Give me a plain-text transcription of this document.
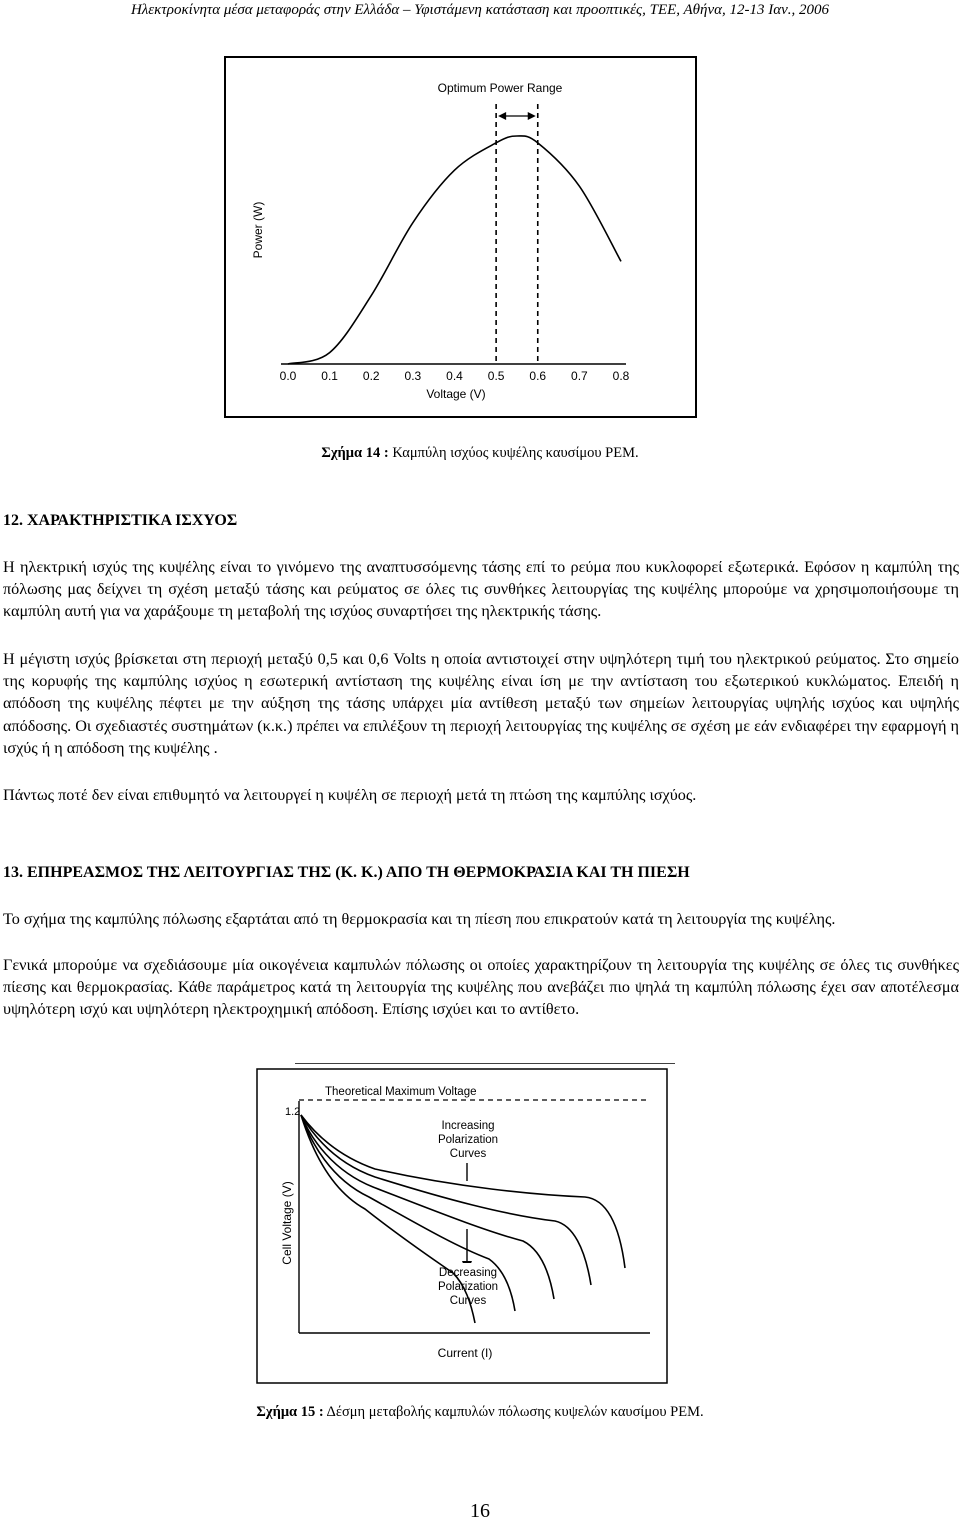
Ηλεκτροκίνητα μέσα μεταφοράς στην Ελλάδα – Υφιστάμενη κατάσταση και προοπτικές, ΤΕΕ, Αθήνα, 12-13 Ιαν., 2006
Optimum Power Range
0.0 0.1 0.2 0.3 0.4 0.5 0.6 0.7 0.8
Voltage (V)
Power (W)
Σχήμα 14 : Καμπύλη ισχύος κυψέλης καυσίμου PEM.
12. ΧΑΡΑΚΤΗΡΙΣΤΙΚΑ ΙΣΧΥΟΣ

Η ηλεκτρική ισχύς της κυψέλης είναι το γινόμενο της αναπτυσσόμενης τάσης επί το ρεύμα που κυκλοφορεί εξωτερικά. Εφόσον η καμπύλη της πόλωσης μας δείχνει τη σχέση μεταξύ τάσης και ρεύματος σε όλες τις συνθήκες λειτουργίας της κυψέλης μπορούμε να χρησιμοποιήσουμε τη καμπύλη αυτή για να χαράξουμε τη μεταβολή της ισχύος συναρτήσει της ηλεκτρικής τάσης.

Η μέγιστη ισχύς βρίσκεται στη περιοχή μεταξύ 0,5 και 0,6 Volts η οποία αντιστοιχεί στην υψηλότερη τιμή του ηλεκτρικού ρεύματος. Στο σημείο της κορυφής της καμπύλης ισχύος η εσωτερική αντίσταση της κυψέλης είναι ίση με την αντίσταση του εξωτερικού κυκλώματος. Επειδή η απόδοση της κυψέλης πέφτει με την αύξηση της τάσης υπάρχει μία αντίθεση μεταξύ των σημείων λειτουργίας υψηλής ισχύος και υψηλής απόδοσης. Οι σχεδιαστές συστημάτων (κ.κ.) πρέπει να επιλέξουν τη περιοχή λειτουργίας της κυψέλης σε σχέση με εάν ενδιαφέρει την εφαρμογή η ισχύς ή η απόδοση της κυψέλης .

Πάντως ποτέ δεν είναι επιθυμητό να λειτουργεί η κυψέλη σε περιοχή μετά τη πτώση της καμπύλης ισχύος.

13. ΕΠΗΡΕΑΣΜΟΣ ΤΗΣ ΛΕΙΤΟΥΡΓΙΑΣ ΤΗΣ (Κ. Κ.) ΑΠΟ ΤΗ ΘΕΡΜΟΚΡΑΣΙΑ ΚΑΙ ΤΗ ΠΙΕΣΗ

Το σχήμα της καμπύλης πόλωσης εξαρτάται από τη θερμοκρασία και τη πίεση που επικρατούν κατά τη λειτουργία της κυψέλης.

Γενικά μπορούμε να σχεδιάσουμε μία οικογένεια καμπυλών πόλωσης οι οποίες χαρακτηρίζουν τη λειτουργία της κυψέλης σε όλες τις συνθήκες πίεσης και θερμοκρασίας. Κάθε παράμετρος κατά τη λειτουργία της κυψέλης που ανεβάζει πιο ψηλά τη καμπύλη πόλωσης έχει σαν αποτέλεσμα υψηλότερη ισχύ και υψηλότερη ηλεκτροχημική απόδοση. Επίσης ισχύει και το αντίθετο.

Theoretical Maximum Voltage
1.2
Cell Voltage (V)
Current (I)
Increasing
Polarization
Curves
Decreasing
Polarization
Curves
Σχήμα 15 : Δέσμη μεταβολής καμπυλών πόλωσης κυψελών καυσίμου PEM.
16
